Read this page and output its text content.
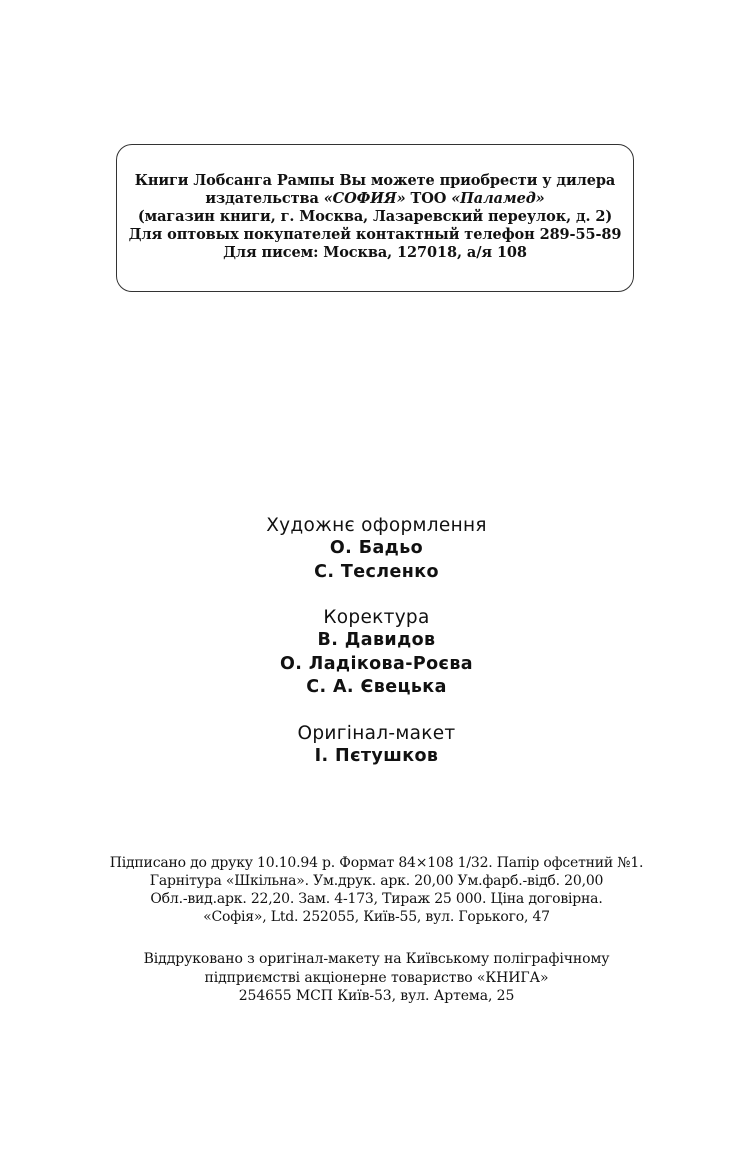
Книги Лобсанга Рампы Вы можете приобрести у дилера
издательства «СОФИЯ» ТОО «Паламед»
(магазин книги, г. Москва, Лазаревский переулок, д. 2)
Для оптовых покупателей контактный телефон 289-55-89
Для писем: Москва, 127018, а/я 108
Художнє оформлення
О. Бадьо
С. Тесленко
Коректура
В. Давидов
О. Ладікова-Роєва
С. А. Євецька
Оригінал-макет
І. Пєтушков
Підписано до друку 10.10.94 р. Формат 84×108 1/32. Папір офсетний №1.
Гарнітура «Шкільна». Ум.друк. арк. 20,00 Ум.фарб.-відб. 20,00
Обл.-вид.арк. 22,20. Зам. 4-173, Тираж 25 000. Ціна договірна.
«Софія», Ltd. 252055, Київ-55, вул. Горького, 47
Віддруковано з оригінал-макету на Київському поліграфічному
підприємстві акціонерне товариство «КНИГА»
254655 МСП Київ-53, вул. Артема, 25
